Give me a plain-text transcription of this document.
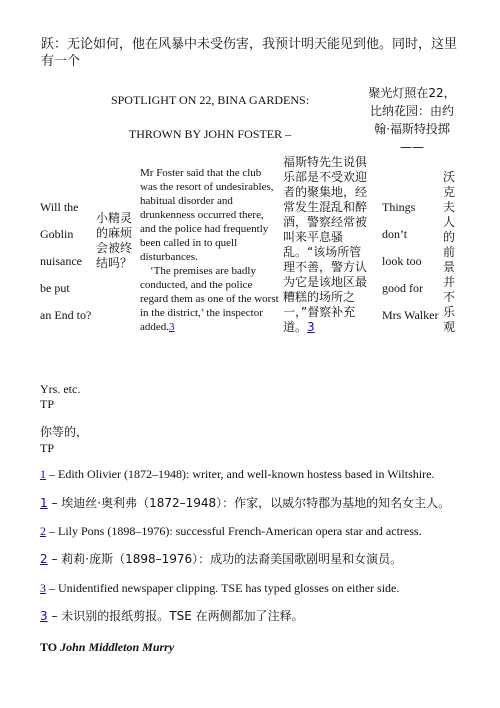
跃：无论如何，他在风暴中未受伤害，我预计明天能见到他。同时，这里有一个
SPOTLIGHT ON 22, BINA GARDENS:
THROWN BY JOHN FOSTER –
聚光灯照在22，比纳花园：由约翰·福斯特投掷——
Will the
Goblin
nuisance
be put
an End to?
小精灵的麻烦会被终结吗？
Mr Foster said that the club was the resort of undesirables, habitual disorder and drunkenness occurred there, and the police had frequently been called in to quell disturbances.
‘The premises are badly conducted, and the police regard them as one of the worst in the district,’ the inspector added.3
福斯特先生说俱乐部是不受欢迎者的聚集地，经常发生混乱和醉酒，警察经常被叫来平息骚乱。“该场所管理不善，警方认为它是该地区最糟糕的场所之一，”督察补充道。3
Things
don’t
look too
good for
Mrs Walker
沃克夫人的前景并不乐观
Yrs. etc.
TP
你等的，
TP
1 – Edith Olivier (1872–1948): writer, and well-known hostess based in Wiltshire.
1 – 埃迪丝·奥利弗（1872–1948）：作家，以威尔特郡为基地的知名女主人。
2 – Lily Pons (1898–1976): successful French-American opera star and actress.
2 – 莉莉·庞斯（1898–1976）：成功的法裔美国歌剧明星和女演员。
3 – Unidentified newspaper clipping. TSE has typed glosses on either side.
3 – 未识别的报纸剪报。TSE 在两侧都加了注释。
TO John Middleton Murry
